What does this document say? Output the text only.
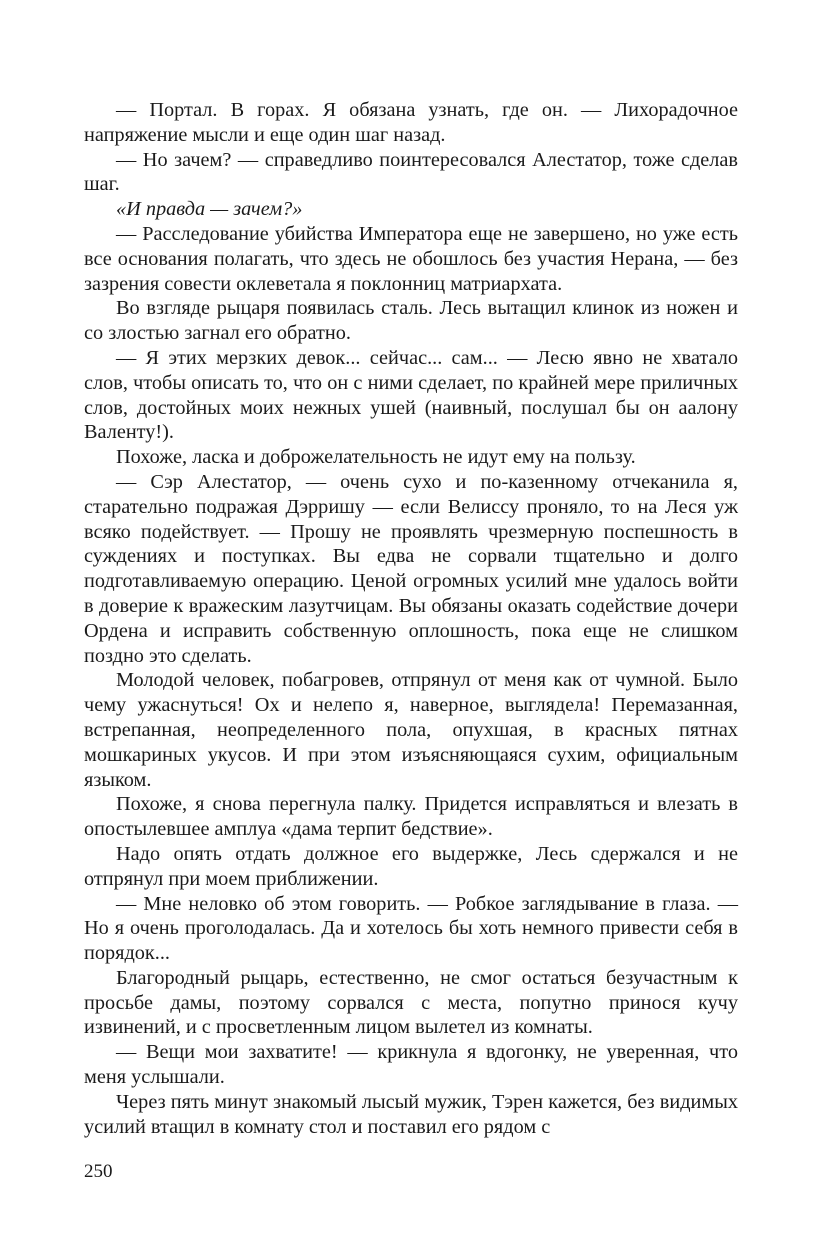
— Портал. В горах. Я обязана узнать, где он. — Лихорадочное напряжение мысли и еще один шаг назад.

— Но зачем? — справедливо поинтересовался Алестатор, тоже сделав шаг.

«И правда — зачем?»

— Расследование убийства Императора еще не завершено, но уже есть все основания полагать, что здесь не обошлось без участия Нерана, — без зазрения совести оклеветала я поклонниц матриархата.

Во взгляде рыцаря появилась сталь. Лесь вытащил клинок из ножен и со злостью загнал его обратно.

— Я этих мерзких девок... сейчас... сам... — Лесю явно не хватало слов, чтобы описать то, что он с ними сделает, по крайней мере приличных слов, достойных моих нежных ушей (наивный, послушал бы он аалону Валенту!).

Похоже, ласка и доброжелательность не идут ему на пользу.

— Сэр Алестатор, — очень сухо и по-казенному отчеканила я, старательно подражая Дэрришу — если Велиссу проняло, то на Леся уж всяко подействует. — Прошу не проявлять чрезмерную поспешность в суждениях и поступках. Вы едва не сорвали тщательно и долго подготавливаемую операцию. Ценой огромных усилий мне удалось войти в доверие к вражеским лазутчицам. Вы обязаны оказать содействие дочери Ордена и исправить собственную оплошность, пока еще не слишком поздно это сделать.

Молодой человек, побагровев, отпрянул от меня как от чумной. Было чему ужаснуться! Ох и нелепо я, наверное, выглядела! Перемазанная, встрепанная, неопределенного пола, опухшая, в красных пятнах мошкариных укусов. И при этом изъясняющаяся сухим, официальным языком.

Похоже, я снова перегнула палку. Придется исправляться и влезать в опостылевшее амплуа «дама терпит бедствие».

Надо опять отдать должное его выдержке, Лесь сдержался и не отпрянул при моем приближении.

— Мне неловко об этом говорить. — Робкое заглядывание в глаза. — Но я очень проголодалась. Да и хотелось бы хоть немного привести себя в порядок...

Благородный рыцарь, естественно, не смог остаться безучастным к просьбе дамы, поэтому сорвался с места, попутно принося кучу извинений, и с просветленным лицом вылетел из комнаты.

— Вещи мои захватите! — крикнула я вдогонку, не уверенная, что меня услышали.

Через пять минут знакомый лысый мужик, Тэрен кажется, без видимых усилий втащил в комнату стол и поставил его рядом с

250
